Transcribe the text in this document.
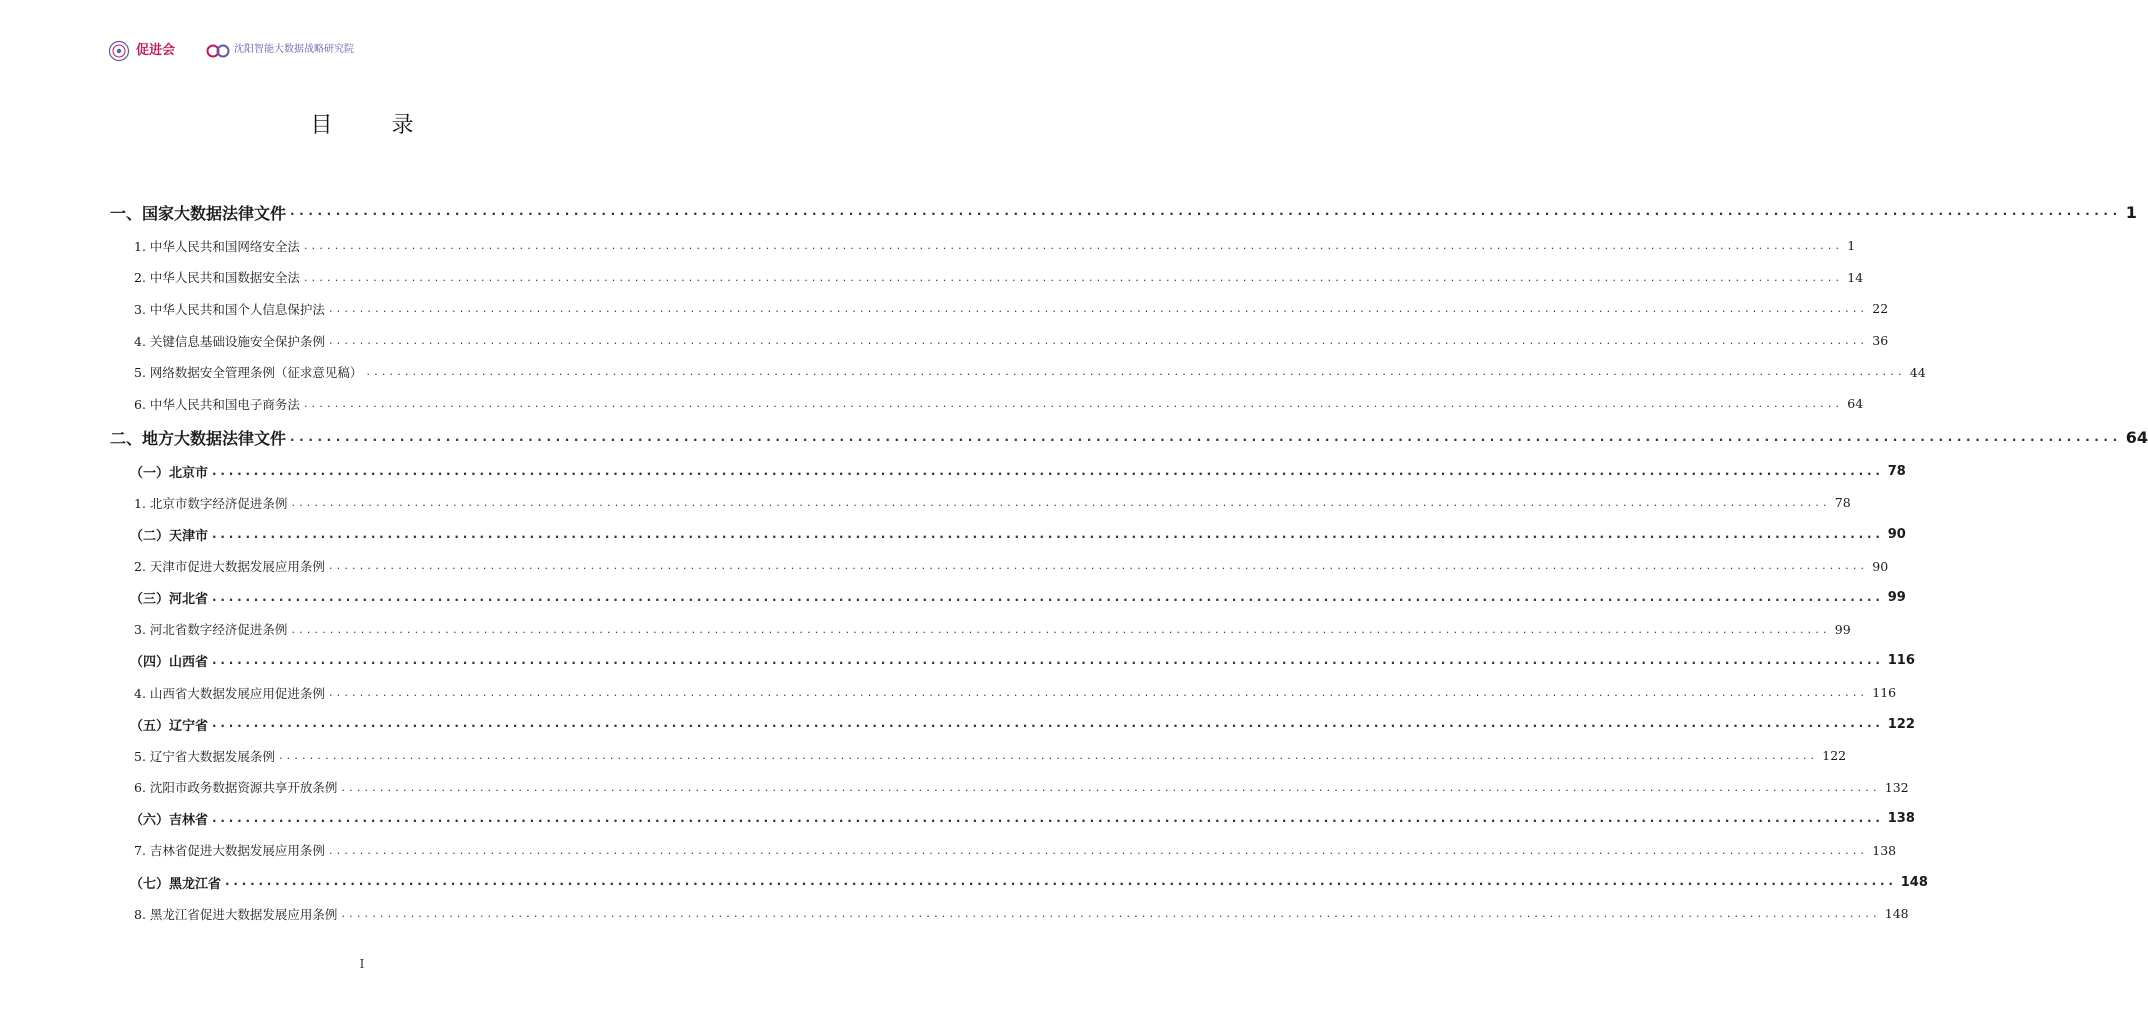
促进会	沈阳智能大数据战略研究院
目 录
一、国家大数据法律文件 ........................................................................................................................................................................................................ 1
1. 中华人民共和国网络安全法 ........................................................................................................................................................................................................ 1
2. 中华人民共和国数据安全法 ........................................................................................................................................................................................................ 14
3. 中华人民共和国个人信息保护法 ........................................................................................................................................................................................................ 22
4. 关键信息基础设施安全保护条例 ........................................................................................................................................................................................................ 36
5. 网络数据安全管理条例（征求意见稿） ........................................................................................................................................................................................................ 44
6. 中华人民共和国电子商务法 ........................................................................................................................................................................................................ 64
二、地方大数据法律文件 ........................................................................................................................................................................................................ 64
（一）北京市 ........................................................................................................................................................................................................ 78
1. 北京市数字经济促进条例 ........................................................................................................................................................................................................ 78
（二）天津市 ........................................................................................................................................................................................................ 90
2. 天津市促进大数据发展应用条例 ........................................................................................................................................................................................................ 90
（三）河北省 ........................................................................................................................................................................................................ 99
3. 河北省数字经济促进条例 ........................................................................................................................................................................................................ 99
（四）山西省 ........................................................................................................................................................................................................ 116
4. 山西省大数据发展应用促进条例 ........................................................................................................................................................................................................ 116
（五）辽宁省 ........................................................................................................................................................................................................ 122
5. 辽宁省大数据发展条例 ........................................................................................................................................................................................................ 122
6. 沈阳市政务数据资源共享开放条例 ........................................................................................................................................................................................................ 132
（六）吉林省 ........................................................................................................................................................................................................ 138
7. 吉林省促进大数据发展应用条例 ........................................................................................................................................................................................................ 138
（七）黑龙江省 ........................................................................................................................................................................................................ 148
8. 黑龙江省促进大数据发展应用条例 ........................................................................................................................................................................................................ 148
I
